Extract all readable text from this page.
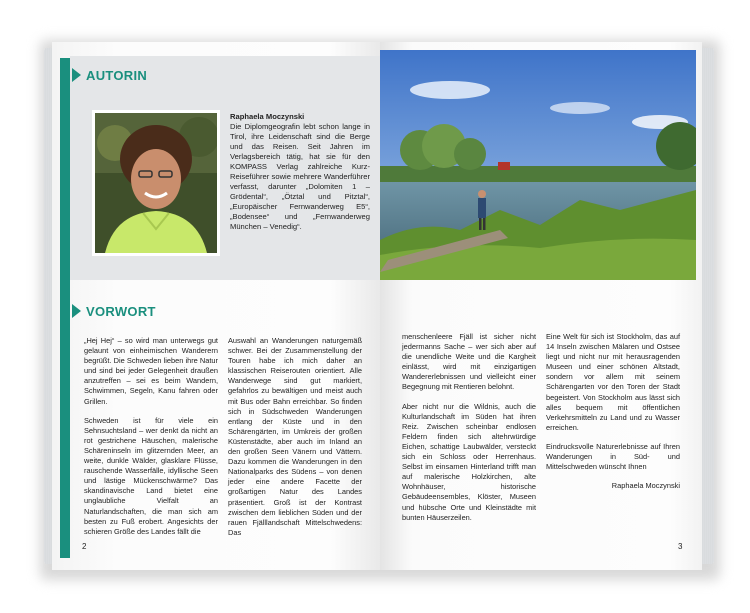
AUTORIN
Raphaela Moczynski
Die Diplomgeografin lebt schon lange in Tirol, ihre Leidenschaft sind die Berge und das Reisen. Seit Jahren im Verlagsbereich tätig, hat sie für den KOMPASS Verlag zahlreiche Kurz-Reiseführer sowie mehrere Wanderführer verfasst, darunter „Dolomiten 1 – Grödental“, „Ötztal und Pitztal“, „Europäischer Fernwanderweg E5“, „Bodensee“ und „Fernwanderweg München – Venedig“.
VORWORT

„Hej Hej“ – so wird man unterwegs gut gelaunt von einheimischen Wanderern begrüßt. Die Schweden lieben ihre Natur und sind bei jeder Gelegenheit draußen anzutreffen – sei es beim Wandern, Schwimmen, Segeln, Kanu fahren oder Grillen.

Schweden ist für viele ein Sehnsuchtsland – wer denkt da nicht an rot gestrichene Häuschen, malerische Schäreninseln im glitzernden Meer, an weite, dunkle Wälder, glasklare Flüsse, rauschende Wasserfälle, idyllische Seen und lästige Mückenschwärme? Das skandinavische Land bietet eine unglaubliche Vielfalt an Naturlandschaften, die man sich am besten zu Fuß erobert. Angesichts der schieren Größe des Landes fällt die

Auswahl an Wanderungen naturgemäß schwer. Bei der Zusammenstellung der Touren habe ich mich daher an klassischen Reiserouten orientiert. Alle Wanderwege sind gut markiert, gefahrlos zu bewältigen und meist auch mit Bus oder Bahn erreichbar. So finden sich in Südschweden Wanderungen entlang der Küste und in den Schärengärten, im Umkreis der großen Küstenstädte, aber auch im Inland an den großen Seen Vänern und Vättern. Dazu kommen die Wanderungen in den Nationalparks des Südens – von denen jeder eine andere Facette der großartigen Natur des Landes präsentiert. Groß ist der Kontrast zwischen dem lieblichen Süden und der rauen Fjälllandschaft Mittelschwedens: Das

2

menschenleere Fjäll ist sicher nicht jedermanns Sache – wer sich aber auf die unendliche Weite und die Kargheit einlässt, wird mit einzigartigen Wandererlebnissen und vielleicht einer Begegnung mit Rentieren belohnt.

Aber nicht nur die Wildnis, auch die Kulturlandschaft im Süden hat ihren Reiz. Zwischen scheinbar endlosen Feldern finden sich altehrwürdige Eichen, schattige Laubwälder, versteckt sich ein Schloss oder Herrenhaus. Selbst im einsamen Hinterland trifft man auf malerische Holzkirchen, alte Wohnhäuser, historische Gebäudeensembles, Klöster, Museen und hübsche Orte und Kleinstädte mit bunten Häuserzeilen.

Eine Welt für sich ist Stockholm, das auf 14 Inseln zwischen Mälaren und Ostsee liegt und nicht nur mit herausragenden Museen und einer schönen Altstadt, sondern vor allem mit seinem Schärengarten vor den Toren der Stadt begeistert. Von Stockholm aus lässt sich alles bequem mit öffentlichen Verkehrsmitteln zu Land und zu Wasser erreichen.

Eindrucksvolle Naturerlebnisse auf Ihren Wanderungen in Süd- und Mittelschweden wünscht Ihnen

Raphaela Moczynski
3
